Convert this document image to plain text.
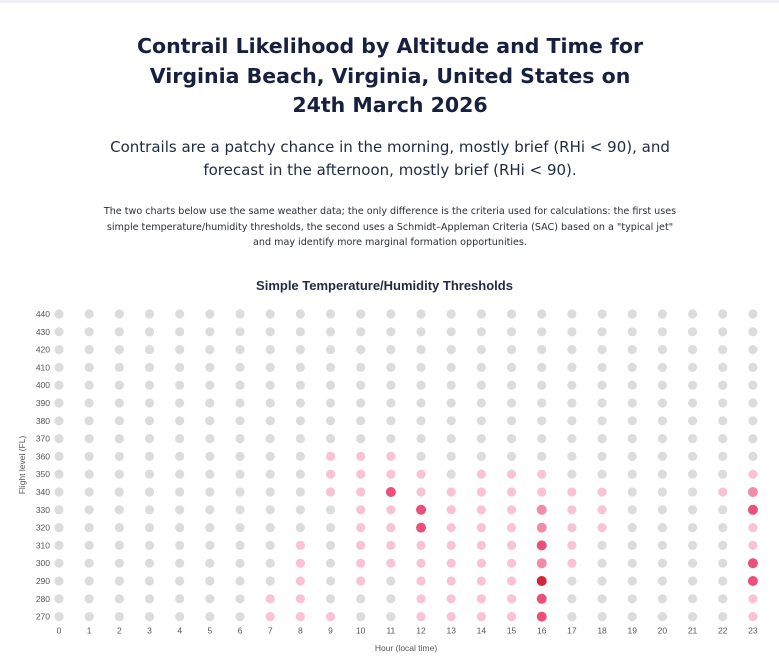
Contrail Likelihood by Altitude and Time for
Virginia Beach, Virginia, United States on
24th March 2026

Contrails are a patchy chance in the morning, mostly brief (RHi < 90), and
forecast in the afternoon, mostly brief (RHi < 90).

The two charts below use the same weather data; the only difference is the criteria used for calculations: the first uses
simple temperature/humidity thresholds, the second uses a Schmidt–Appleman Criteria (SAC) based on a "typical jet"
and may identify more marginal formation opportunities.

Simple Temperature/Humidity Thresholds
270
280
290
300
310
320
330
340
350
360
370
380
390
400
410
420
430
440
0	1	2	3	4	5	6	7	8	9	10 11 12 13 14 15 16 17 18 19 20 21 22 23
Hour (local time)
Flight level (FL)
